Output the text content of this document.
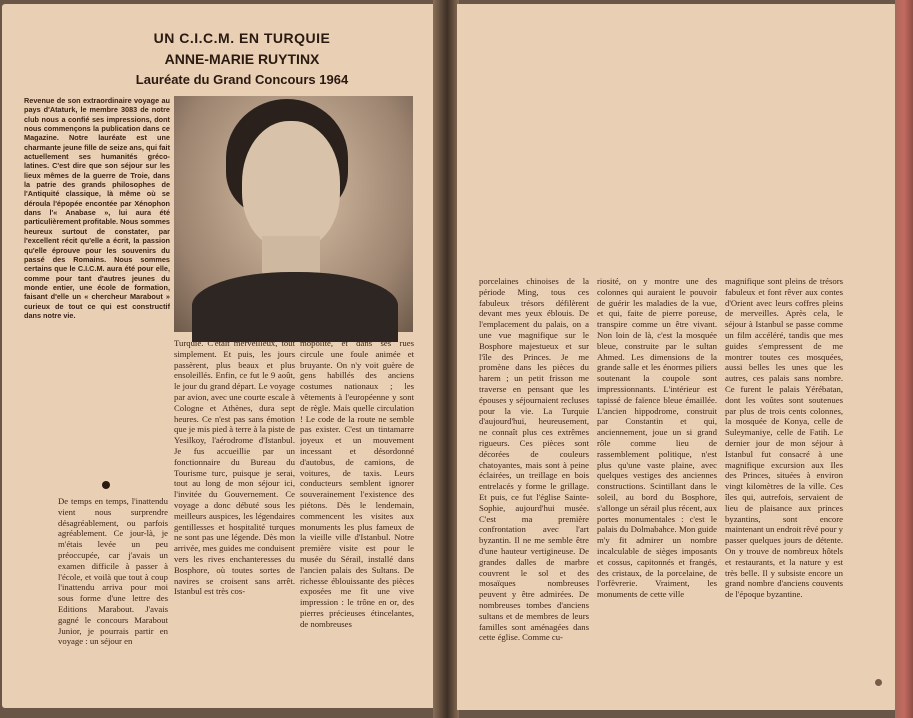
UN C.I.C.M. EN TURQUIE
ANNE-MARIE RUYTINX
Lauréate du Grand Concours 1964
Revenue de son extraordinaire voyage au pays d'Ataturk, le membre 3083 de notre club nous a confié ses impressions, dont nous commençons la publication dans ce Magazine. Notre lauréate est une charmante jeune fille de seize ans, qui fait actuellement ses humanités gréco-latines. C'est dire que son séjour sur les lieux mêmes de la guerre de Troie, dans la patrie des grands philosophes de l'Antiquité classique, là même où se déroula l'épopée encontée par Xénophon dans l'« Anabase », lui aura été particulièrement profitable. Nous sommes heureux surtout de constater, par l'excellent récit qu'elle a écrit, la passion qu'elle éprouve pour les souvenirs du passé des Romains. Nous sommes certains que le C.I.C.M. aura été pour elle, comme pour tant d'autres jeunes du monde entier, une école de formation, faisant d'elle un « chercheur Marabout » curieux de tout ce qui est constructif dans notre vie.
De temps en temps, l'inattendu vient nous surprendre désagréablement, ou parfois agréablement. Ce jour-là, je m'étais levée un peu préoccupée, car j'avais un examen difficile à passer à l'école, et voilà que tout à coup l'inattendu arriva pour moi sous forme d'une lettre des Editions Marabout. J'avais gagné le concours Marabout Junior, je pourrais partir en voyage : un séjour en
Turquie. C'était merveilleux, tout simplement. Et puis, les jours passèrent, plus beaux et plus ensoleillés. Enfin, ce fut le 9 août, le jour du grand départ. Le voyage par avion, avec une courte escale à Cologne et Athènes, dura sept heures. Ce n'est pas sans émotion que je mis pied à terre à la piste de Yesilkoy, l'aérodrome d'Istanbul. Je fus accueillie par un fonctionnaire du Bureau du Tourisme turc, puisque je serai, tout au long de mon séjour ici, l'invitée du Gouvernement. Ce voyage a donc débuté sous les meilleurs auspices, les légendaires gentillesses et hospitalité turques ne sont pas une légende. Dès mon arrivée, mes guides me conduisent vers les rives enchanteresses du Bosphore, où toutes sortes de navires se croisent sans arrêt. Istanbul est très cos-
mopolite, et dans ses rues circule une foule animée et bruyante. On n'y voit guère de gens habillés des anciens costumes nationaux ; les vêtements à l'européenne y sont de règle. Mais quelle circulation ! Le code de la route ne semble pas exister. C'est un tintamarre joyeux et un mouvement incessant et désordonné d'autobus, de camions, de voitures, de taxis. Leurs conducteurs semblent ignorer souverainement l'existence des piétons. Dès le lendemain, commencent les visites aux monuments les plus fameux de la vieille ville d'Istanbul. Notre première visite est pour le musée du Sérail, installé dans l'ancien palais des Sultans. De richesse éblouissante des pièces exposées me fit une vive impression : le trône en or, des pierres précieuses étincelantes, de nombreuses
porcelaines chinoises de la période Ming, tous ces fabuleux trésors défilèrent devant mes yeux éblouis. De l'emplacement du palais, on a une vue magnifique sur le Bosphore majestueux et sur l'île des Princes. Je me promène dans les pièces du harem ; un petit frisson me traverse en pensant que les épouses y séjournaient recluses pour la vie. La Turquie d'aujourd'hui, heureusement, ne connaît plus ces extrêmes rigueurs. Ces pièces sont décorées de couleurs chatoyantes, mais sont à peine éclairées, un treillage en bois entrelacés y forme le grillage. Et puis, ce fut l'église Sainte-Sophie, aujourd'hui musée. C'est ma première confrontation avec l'art byzantin. Il ne me semble être d'une hauteur vertigineuse. De grandes dalles de marbre couvrent le sol et des mosaïques nombreuses peuvent y être admirées. De nombreuses tombes d'anciens sultans et de membres de leurs familles sont aménagées dans cette église. Comme cu-
riosité, on y montre une des colonnes qui auraient le pouvoir de guérir les maladies de la vue, et qui, faite de pierre poreuse, transpire comme un être vivant. Non loin de là, c'est la mosquée bleue, construite par le sultan Ahmed. Les dimensions de la grande salle et les énormes piliers soutenant la coupole sont impressionnants. L'intérieur est tapissé de faïence bleue émaillée. L'ancien hippodrome, construit par Constantin et qui, anciennement, joue un si grand rôle comme lieu de rassemblement politique, n'est plus qu'une vaste plaine, avec quelques vestiges des anciennes constructions. Scintillant dans le soleil, au bord du Bosphore, s'allonge un sérail plus récent, aux portes monumentales : c'est le palais du Dolmabahce. Mon guide m'y fit admirer un nombre incalculable de sièges imposants et cossus, capitonnés et frangés, des cristaux, de la porcelaine, de l'orfèvrerie. Vraiment, les monuments de cette ville
magnifique sont pleins de trésors fabuleux et font rêver aux contes d'Orient avec leurs coffres pleins de merveilles. Après cela, le séjour à Istanbul se passe comme un film accéléré, tandis que mes guides s'empressent de me montrer toutes ces mosquées, aussi belles les unes que les autres, ces palais sans nombre. Ce furent le palais Yérébatan, dont les voûtes sont soutenues par plus de trois cents colonnes, la mosquée de Konya, celle de Suleymaniye, celle de Fatih. Le dernier jour de mon séjour à Istanbul fut consacré à une magnifique excursion aux Iles des Princes, situées à environ vingt kilomètres de la ville. Ces îles qui, autrefois, servaient de lieu de plaisance aux princes byzantins, sont encore maintenant un endroit rêvé pour y passer quelques jours de détente. On y trouve de nombreux hôtels et restaurants, et la nature y est très belle. Il y subsiste encore un grand nombre d'anciens couvents de l'époque byzantine.
